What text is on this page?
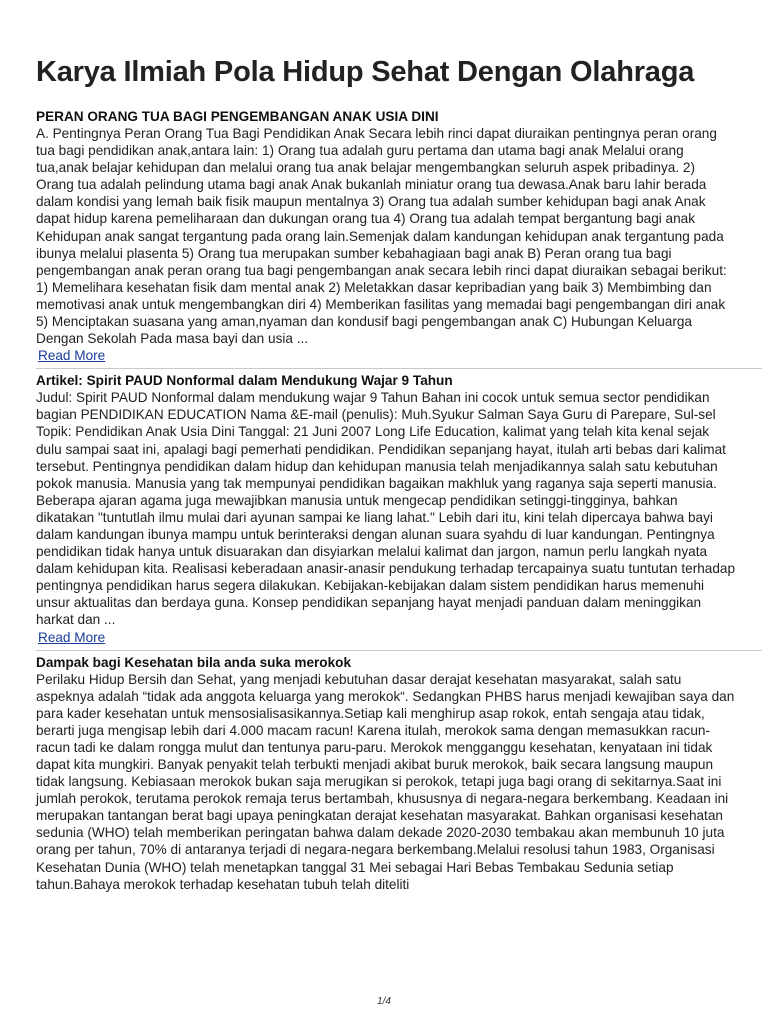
Karya Ilmiah Pola Hidup Sehat Dengan Olahraga

PERAN ORANG TUA BAGI PENGEMBANGAN ANAK USIA DINI

A. Pentingnya Peran Orang Tua Bagi Pendidikan Anak Secara lebih rinci dapat diuraikan pentingnya peran orang tua bagi pendidikan anak,antara lain: 1) Orang tua adalah guru pertama dan utama bagi anak Melalui orang tua,anak belajar kehidupan dan melalui orang tua anak belajar mengembangkan seluruh aspek pribadinya. 2) Orang tua adalah pelindung utama bagi anak Anak bukanlah miniatur orang tua dewasa.Anak baru lahir berada dalam kondisi yang lemah baik fisik maupun mentalnya 3) Orang tua adalah sumber kehidupan bagi anak Anak dapat hidup karena pemeliharaan dan dukungan orang tua 4) Orang tua adalah tempat bergantung bagi anak Kehidupan anak sangat tergantung pada orang lain.Semenjak dalam kandungan kehidupan anak tergantung pada ibunya melalui plasenta 5) Orang tua merupakan sumber kebahagiaan bagi anak B) Peran orang tua bagi pengembangan anak peran orang tua bagi pengembangan anak secara lebih rinci dapat diuraikan sebagai berikut: 1) Memelihara kesehatan fisik dam mental anak 2) Meletakkan dasar kepribadian yang baik 3) Membimbing dan memotivasi anak untuk mengembangkan diri 4) Memberikan fasilitas yang memadai bagi pengembangan diri anak 5) Menciptakan suasana yang aman,nyaman dan kondusif bagi pengembangan anak C) Hubungan Keluarga Dengan Sekolah Pada masa bayi dan usia ...

Read More

Artikel: Spirit PAUD Nonformal dalam Mendukung Wajar 9 Tahun

Judul: Spirit PAUD Nonformal dalam mendukung wajar 9 Tahun Bahan ini cocok untuk semua sector pendidikan bagian PENDIDIKAN EDUCATION Nama &E-mail (penulis): Muh.Syukur Salman Saya Guru di Parepare, Sul-sel Topik: Pendidikan Anak Usia Dini Tanggal: 21 Juni 2007 Long Life Education, kalimat yang telah kita kenal sejak dulu sampai saat ini, apalagi bagi pemerhati pendidikan. Pendidikan sepanjang hayat, itulah arti bebas dari kalimat tersebut. Pentingnya pendidikan dalam hidup dan kehidupan manusia telah menjadikannya salah satu kebutuhan pokok manusia. Manusia yang tak mempunyai pendidikan bagaikan makhluk yang raganya saja seperti manusia. Beberapa ajaran agama juga mewajibkan manusia untuk mengecap pendidikan setinggi-tingginya, bahkan dikatakan "tuntutlah ilmu mulai dari ayunan sampai ke liang lahat." Lebih dari itu, kini telah dipercaya bahwa bayi dalam kandungan ibunya mampu untuk berinteraksi dengan alunan suara syahdu di luar kandungan. Pentingnya pendidikan tidak hanya untuk disuarakan dan disyiarkan melalui kalimat dan jargon, namun perlu langkah nyata dalam kehidupan kita. Realisasi keberadaan anasir-anasir pendukung terhadap tercapainya suatu tuntutan terhadap pentingnya pendidikan harus segera dilakukan. Kebijakan-kebijakan dalam sistem pendidikan harus memenuhi unsur aktualitas dan berdaya guna. Konsep pendidikan sepanjang hayat menjadi panduan dalam meninggikan harkat dan ...

Read More

Dampak bagi Kesehatan bila anda suka merokok

Perilaku Hidup Bersih dan Sehat, yang menjadi kebutuhan dasar derajat kesehatan masyarakat, salah satu aspeknya adalah “tidak ada anggota keluarga yang merokok“. Sedangkan PHBS harus menjadi kewajiban saya dan para kader kesehatan untuk mensosialisasikannya.Setiap kali menghirup asap rokok, entah sengaja atau tidak, berarti juga mengisap lebih dari 4.000 macam racun! Karena itulah, merokok sama dengan memasukkan racun-racun tadi ke dalam rongga mulut dan tentunya paru-paru. Merokok mengganggu kesehatan, kenyataan ini tidak dapat kita mungkiri. Banyak penyakit telah terbukti menjadi akibat buruk merokok, baik secara langsung maupun tidak langsung. Kebiasaan merokok bukan saja merugikan si perokok, tetapi juga bagi orang di sekitarnya.Saat ini jumlah perokok, terutama perokok remaja terus bertambah, khususnya di negara-negara berkembang. Keadaan ini merupakan tantangan berat bagi upaya peningkatan derajat kesehatan masyarakat. Bahkan organisasi kesehatan sedunia (WHO) telah memberikan peringatan bahwa dalam dekade 2020-2030 tembakau akan membunuh 10 juta orang per tahun, 70% di antaranya terjadi di negara-negara berkembang.Melalui resolusi tahun 1983, Organisasi Kesehatan Dunia (WHO) telah menetapkan tanggal 31 Mei sebagai Hari Bebas Tembakau Sedunia setiap tahun.Bahaya merokok terhadap kesehatan tubuh telah diteliti

1/4
